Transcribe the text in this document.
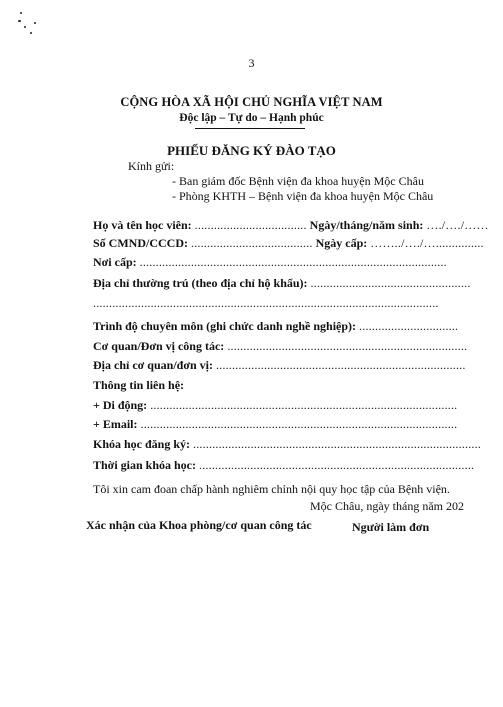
3
CỘNG HÒA XÃ HỘI CHỦ NGHĨA VIỆT NAM
Độc lập – Tự do – Hạnh phúc
PHIẾU ĐĂNG KÝ ĐÀO TẠO
Kính gửi:
- Ban giám đốc Bệnh viện đa khoa huyện Mộc Châu
- Phòng KHTH – Bệnh viện đa khoa huyện Mộc Châu
Họ và tên học viên: ................................... Ngày/tháng/năm sinh: …./…./……
Số CMND/CCCD: ...................................... Ngày cấp: ……../…./…...............
Nơi cấp: ................................................................................................
Địa chỉ thường trú (theo địa chỉ hộ khẩu): ..................................................
............................................................................................................
Trình độ chuyên môn (ghi chức danh nghề nghiệp): ...............................
Cơ quan/Đơn vị công tác: ...........................................................................
Địa chỉ cơ quan/đơn vị: ..............................................................................
Thông tin liên hệ:
+ Di động: ................................................................................................
+ Email: ...................................................................................................
Khóa học đăng ký: ..........................................................................................
Thời gian khóa học: ......................................................................................
Tôi xin cam đoan chấp hành nghiêm chỉnh nội quy học tập của Bệnh viện.
Mộc Châu, ngày tháng năm 202
Xác nhận của Khoa phòng/cơ quan công tác	Người làm đơn
